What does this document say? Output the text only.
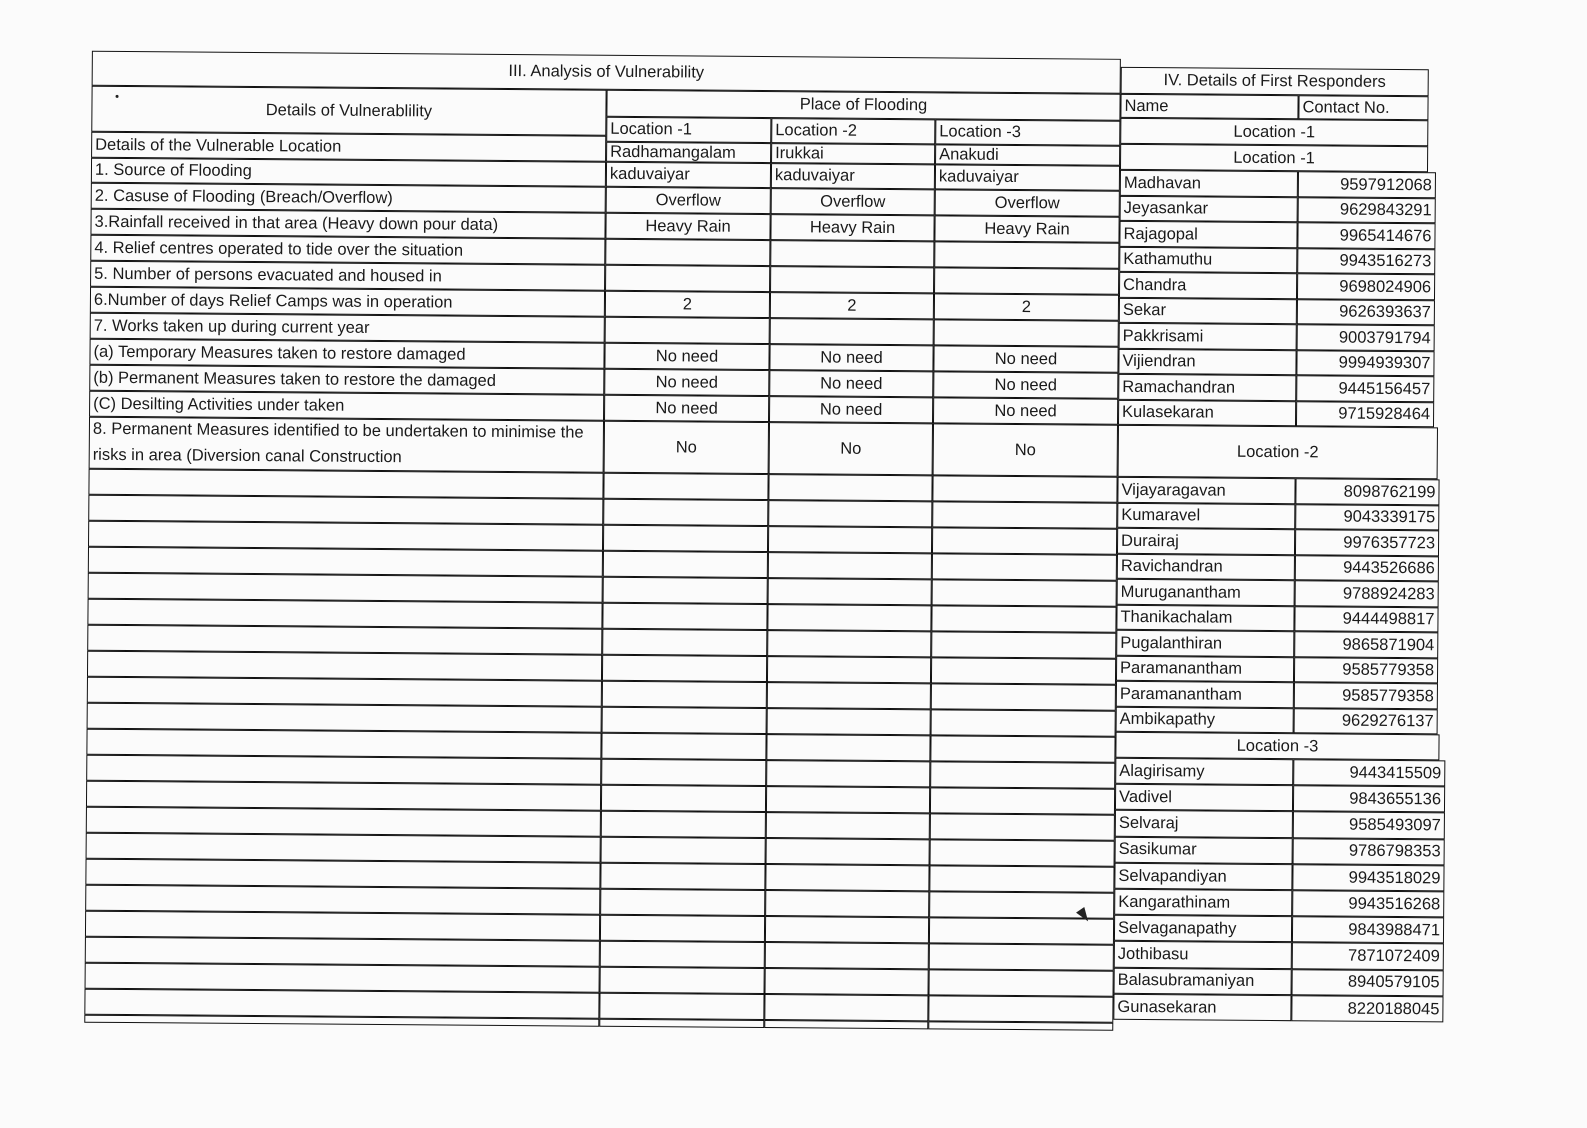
III. Analysis of Vulnerability
Details of Vulnerablility	Place of Flooding
Location -1	Location -2	Location -3
Details of the Vulnerable Location	Radhamangalam	Irukkai	Anakudi
1. Source of Flooding	kaduvaiyar	kaduvaiyar	kaduvaiyar
2. Casuse of Flooding (Breach/Overflow)	Overflow	Overflow	Overflow
3.Rainfall received in that area (Heavy down pour data)	Heavy Rain	Heavy Rain	Heavy Rain
4. Relief centres operated to tide over the situation
5. Number of persons evacuated and housed in
6.Number of days Relief Camps was in operation	2	2	2
7. Works taken up during current year
(a) Temporary Measures taken to restore damaged	No need	No need	No need
(b) Permanent Measures taken to restore the damaged	No need	No need	No need
(C) Desilting Activities under taken	No need	No need	No need
8. Permanent Measures identified to be undertaken to minimise the risks in area (Diversion canal Construction	No	No	No
IV. Details of First Responders
Name	Contact No.
Location -1
Location -1
Madhavan	9597912068
Jeyasankar	9629843291
Rajagopal	9965414676
Kathamuthu	9943516273
Chandra	9698024906
Sekar	9626393637
Pakkrisami	9003791794
Vijiendran	9994939307
Ramachandran	9445156457
Kulasekaran	9715928464
Location -2
Vijayaragavan	8098762199
Kumaravel	9043339175
Durairaj	9976357723
Ravichandran	9443526686
Muruganantham	9788924283
Thanikachalam	9444498817
Pugalanthiran	9865871904
Paramanantham	9585779358
Paramanantham	9585779358
Ambikapathy	9629276137
Location -3
Alagirisamy	9443415509
Vadivel	9843655136
Selvaraj	9585493097
Sasikumar	9786798353
Selvapandiyan	9943518029
Kangarathinam	9943516268
Selvaganapathy	9843988471
Jothibasu	7871072409
Balasubramaniyan	8940579105
Gunasekaran	8220188045
